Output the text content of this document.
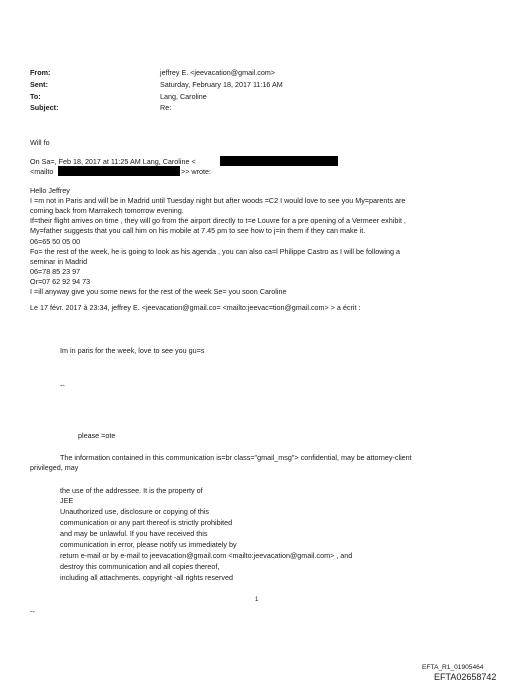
From:
Sent:
To:
Subject:
jeffrey E. <jeevacation@gmail.com>
Saturday, February 18, 2017 11:16 AM
Lang, Caroline
Re:
Will fo
On Sa=, Feb 18, 2017 at 11:25 AM Lang, Caroline <
<mailto	>> wrote:
Hello Jeffrey
I =m not in Paris and will be in Madrid until Tuesday night but after woods =C2 I would love to see you My=parents are
coming back from Marrakech tomorrow evening.
If=their flight arrives on time , they will go from the airport directly to t=e Louvre for a pre opening of a Vermeer exhibit ,
My=father suggests that you call him on his mobile at 7.45 pm to see how to j=in them if they can make it.
06=65 50 05 00
Fo= the rest of the week, he is going to look as his agenda , you can also ca=l Philippe Castro as I will be following a
seminar in Madrid
06=78 85 23 97
Or=07 62 92 94 73
I =ill anyway give you some news for the rest of the week Se= you soon Caroline
Le 17 févr. 2017 à 23:34, jeffrey E. <jeevacation@gmail.co= <mailto:jeevac=tion@gmail.com> > a écrit :
Im in paris for the week, love to see you gu=s
--
please =ote
The information contained in this communication is=br class="gmail_msg"> confidential, may be attorney-client
privileged, may
the use of the addressee. It is the property of
JEE
Unauthorized use, disclosure or copying of this
communication or any part thereof is strictly prohibited
and may be unlawful. If you have received this
communication in error, please notify us immediately by
return e-mail or by e-mail to jeevacation@gmail.com <mailto:jeevacation@gmail.com> , and
destroy this communication and all copies thereof,
including all attachments. copyright -all rights reserved
--
1
EFTA_R1_01905464
EFTA02658742
